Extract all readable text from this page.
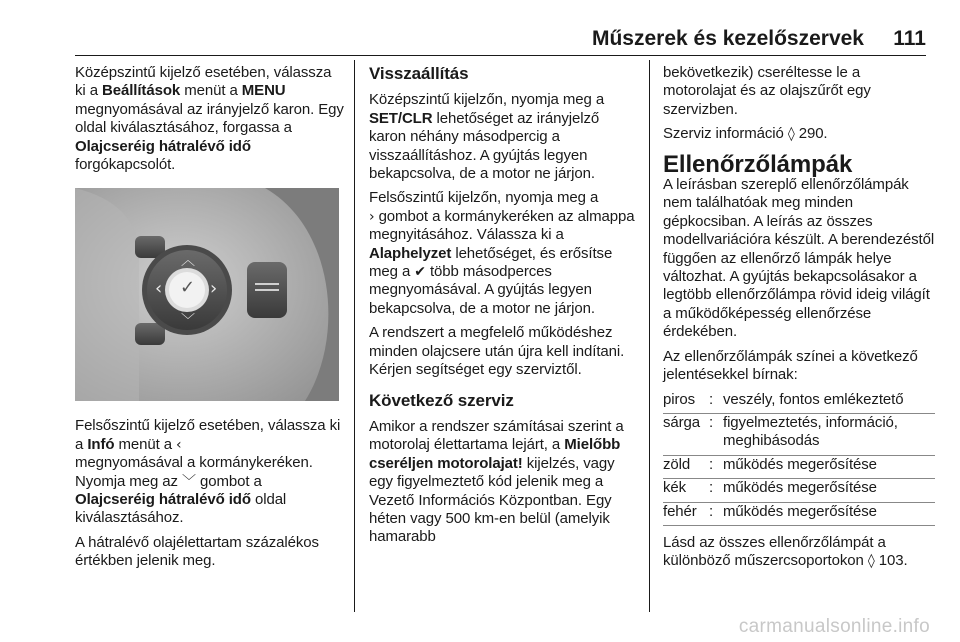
Műszerek és kezelőszervek 111

Középszintű kijelző esetében, válassza ki a Beállítások menüt a MENU megnyomásával az irányjelző karon. Egy oldal kiválasztásához, forgassa a Olajcseréig hátralévő idő forgókapcsolót.

‹	›
✓
︿
﹀

Felsőszintű kijelző esetében, válassza ki a Infó menüt a ‹
megnyomásával a kormánykeréken. Nyomja meg az ﹀ gombot a Olajcseréig hátralévő idő oldal kiválasztásához.

A hátralévő olajélettartam százalékos értékben jelenik meg.

Visszaállítás

Középszintű kijelzőn, nyomja meg a SET/CLR lehetőséget az irányjelző karon néhány másodpercig a visszaállításhoz. A gyújtás legyen bekapcsolva, de a motor ne járjon.

Felsőszintű kijelzőn, nyomja meg a
› gombot a kormánykeréken az almappa megnyitásához. Válassza ki a Alaphelyzet lehetőséget, és erősítse meg a ✔ több másodperces megnyomásával. A gyújtás legyen bekapcsolva, de a motor ne járjon.

A rendszert a megfelelő működéshez minden olajcsere után újra kell indítani. Kérjen segítséget egy szerviztől.

Következő szerviz

Amikor a rendszer számításai szerint a motorolaj élettartama lejárt, a Mielőbb cseréljen motorolajat! kijelzés, vagy egy figyelmeztető kód jelenik meg a Vezető Információs Központban. Egy héten vagy 500 km-en belül (amelyik hamarabb

bekövetkezik) cseréltesse le a motorolajat és az olajszűrőt egy szervizben.

Szerviz információ ◊ 290.

Ellenőrzőlámpák

A leírásban szereplő ellenőrzőlámpák nem találhatóak meg minden gépkocsiban. A leírás az összes modellvariációra készült. A berendezéstől függően az ellenőrző lámpák helye változhat. A gyújtás bekapcsolásakor a legtöbb ellenőrzőlámpa rövid ideig világít a működőképesség ellenőrzése érdekében.

Az ellenőrzőlámpák színei a következő jelentésekkel bírnak:

piros	:	veszély, fontos emlékeztető
sárga	:	figyelmeztetés, információ, meghibásodás
zöld	:	működés megerősítése
kék	:	működés megerősítése
fehér	:	működés megerősítése

Lásd az összes ellenőrzőlámpát a különböző műszercsoportokon ◊ 103.

carmanualsonline.info
